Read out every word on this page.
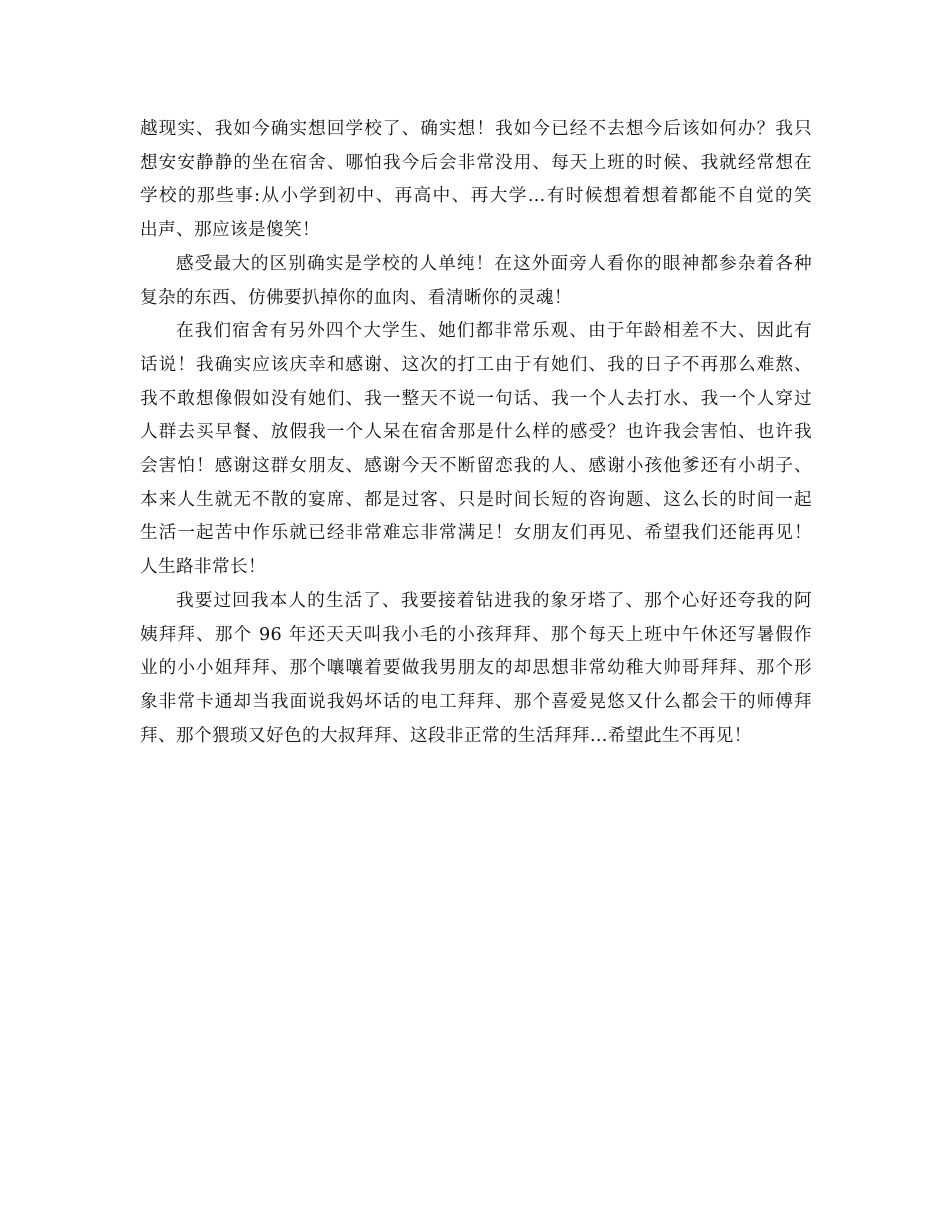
越现实、我如今确实想回学校了、确实想！我如今已经不去想今后该如何办？我只
想安安静静的坐在宿舍、哪怕我今后会非常没用、每天上班的时候、我就经常想在
学校的那些事:从小学到初中、再高中、再大学…有时候想着想着都能不自觉的笑
出声、那应该是傻笑！
感受最大的区别确实是学校的人单纯！在这外面旁人看你的眼神都参杂着各种
复杂的东西、仿佛要扒掉你的血肉、看清晰你的灵魂！
在我们宿舍有另外四个大学生、她们都非常乐观、由于年龄相差不大、因此有
话说！我确实应该庆幸和感谢、这次的打工由于有她们、我的日子不再那么难熬、
我不敢想像假如没有她们、我一整天不说一句话、我一个人去打水、我一个人穿过
人群去买早餐、放假我一个人呆在宿舍那是什么样的感受？也许我会害怕、也许我
会害怕！感谢这群女朋友、感谢今天不断留恋我的人、感谢小孩他爹还有小胡子、
本来人生就无不散的宴席、都是过客、只是时间长短的咨询题、这么长的时间一起
生活一起苦中作乐就已经非常难忘非常满足！女朋友们再见、希望我们还能再见！
人生路非常长！
我要过回我本人的生活了、我要接着钻进我的象牙塔了、那个心好还夸我的阿
姨拜拜、那个 96 年还天天叫我小毛的小孩拜拜、那个每天上班中午休还写暑假作
业的小小姐拜拜、那个嚷嚷着要做我男朋友的却思想非常幼稚大帅哥拜拜、那个形
象非常卡通却当我面说我妈坏话的电工拜拜、那个喜爱晃悠又什么都会干的师傅拜
拜、那个猥琐又好色的大叔拜拜、这段非正常的生活拜拜…希望此生不再见！
